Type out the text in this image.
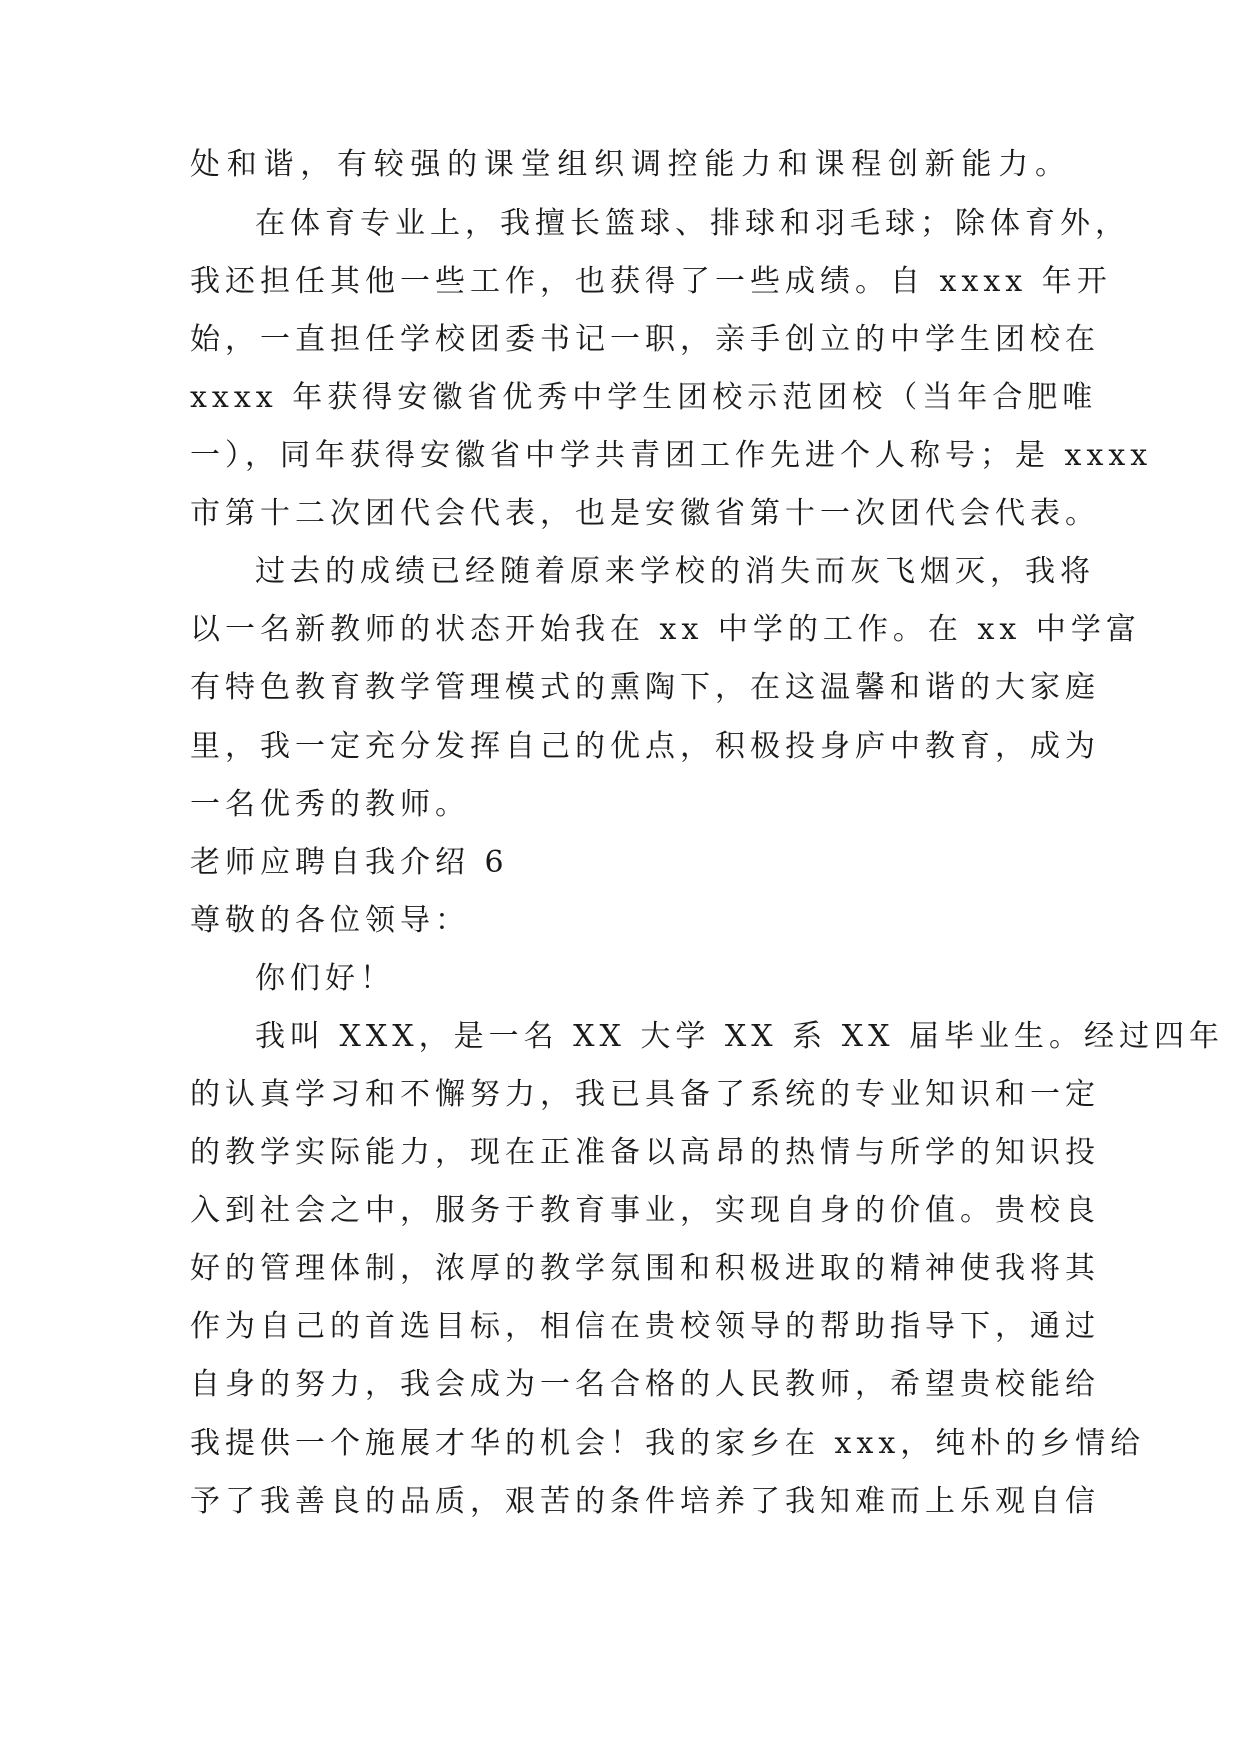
处和谐，有较强的课堂组织调控能力和课程创新能力。
在体育专业上，我擅长篮球、排球和羽毛球；除体育外，
我还担任其他一些工作，也获得了一些成绩。自 xxxx 年开
始，一直担任学校团委书记一职，亲手创立的中学生团校在
xxxx 年获得安徽省优秀中学生团校示范团校（当年合肥唯
一），同年获得安徽省中学共青团工作先进个人称号；是 xxxx
市第十二次团代会代表，也是安徽省第十一次团代会代表。
过去的成绩已经随着原来学校的消失而灰飞烟灭，我将
以一名新教师的状态开始我在 xx 中学的工作。在 xx 中学富
有特色教育教学管理模式的熏陶下，在这温馨和谐的大家庭
里，我一定充分发挥自己的优点，积极投身庐中教育，成为
一名优秀的教师。
老师应聘自我介绍 6
尊敬的各位领导：
你们好！
我叫 XXX，是一名 XX 大学 XX 系 XX 届毕业生。经过四年
的认真学习和不懈努力，我已具备了系统的专业知识和一定
的教学实际能力，现在正准备以高昂的热情与所学的知识投
入到社会之中，服务于教育事业，实现自身的价值。贵校良
好的管理体制，浓厚的教学氛围和积极进取的精神使我将其
作为自己的首选目标，相信在贵校领导的帮助指导下，通过
自身的努力，我会成为一名合格的人民教师，希望贵校能给
我提供一个施展才华的机会！我的家乡在 xxx，纯朴的乡情给
予了我善良的品质，艰苦的条件培养了我知难而上乐观自信
